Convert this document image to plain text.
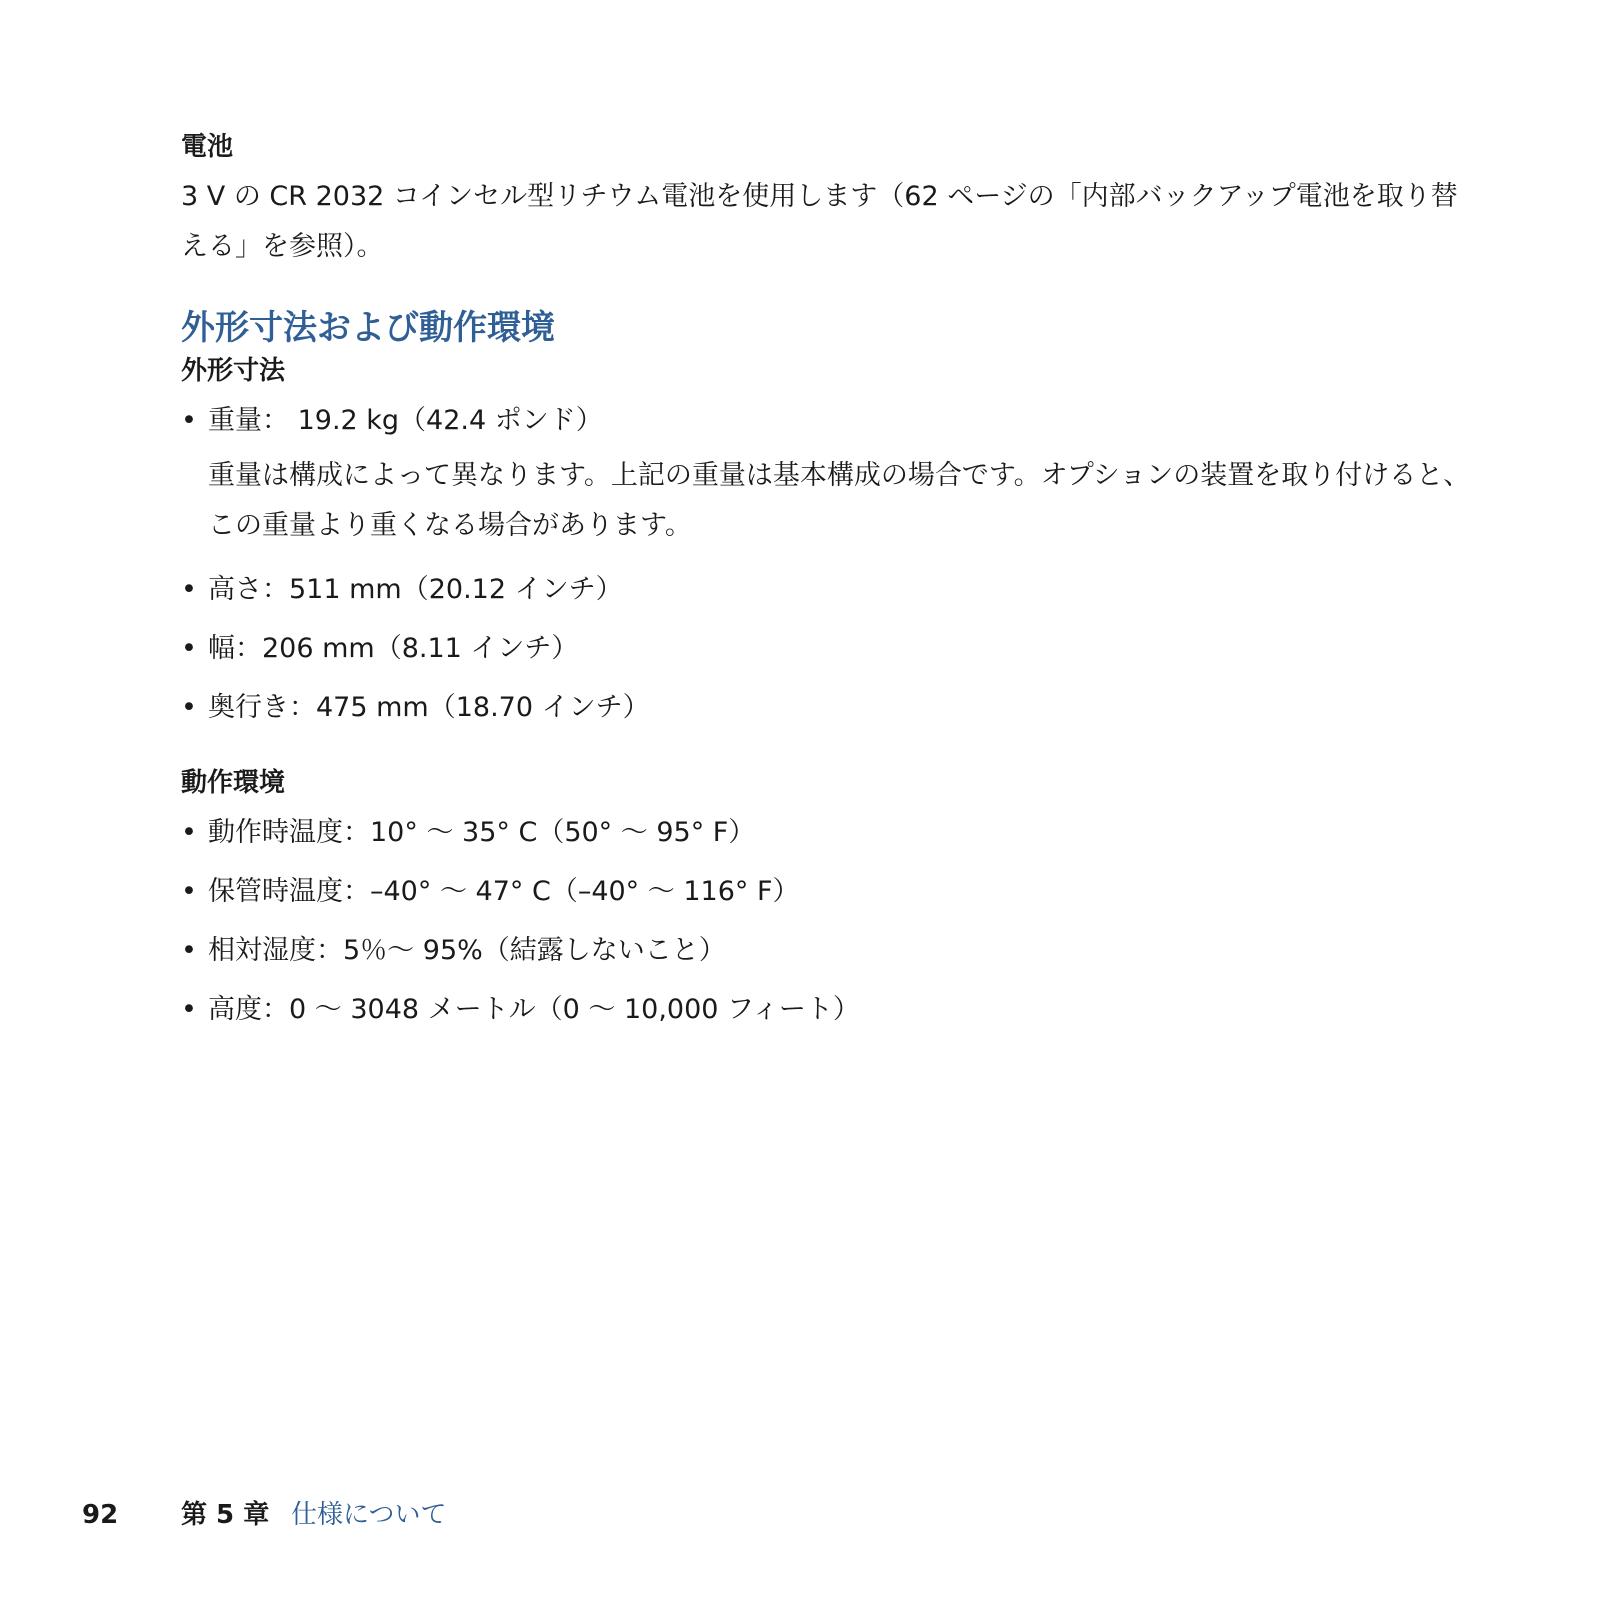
電池

3 V の CR 2032 コインセル型リチウム電池を使用します（62 ページの「内部バックアップ電池を取り替える」を参照）。

外形寸法および動作環境
外形寸法
• 重量： 19.2 kg（42.4 ポンド）

重量は構成によって異なります。上記の重量は基本構成の場合です。オプションの装置を取り付けると、この重量より重くなる場合があります。

• 高さ：511 mm（20.12 インチ）
• 幅：206 mm（8.11 インチ）
• 奥行き：475 mm（18.70 インチ）
動作環境
• 動作時温度：10° ～ 35° C（50° ～ 95° F）
• 保管時温度：–40° ～ 47° C（–40° ～ 116° F）
• 相対湿度：5％～ 95%（結露しないこと）
• 高度：0 ～ 3048 メートル（0 ～ 10,000 フィート）
92 第 5 章 仕様について
